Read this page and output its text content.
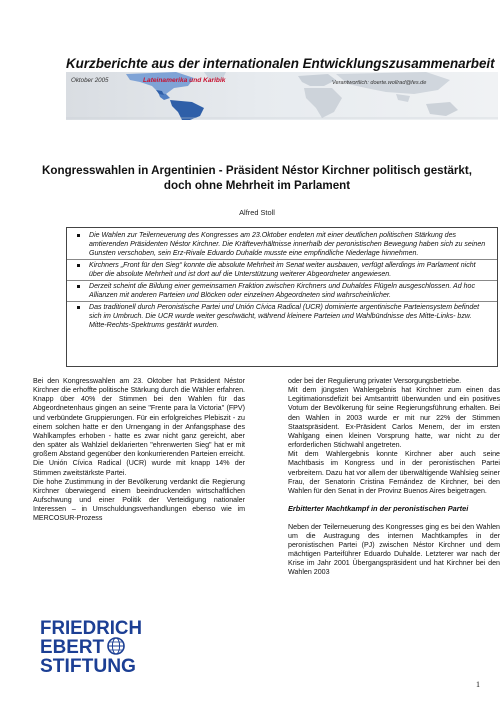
Kurzberichte aus der internationalen Entwicklungszusammenarbeit
Oktober 2005	Lateinamerika und Karibik	Verantwortlich: doerte.wollrad@fes.de
Kongresswahlen in Argentinien - Präsident Néstor Kirchner politisch gestärkt, doch ohne Mehrheit im Parlament
Alfred Stoll
Die Wahlen zur Teilerneuerung des Kongresses am 23.Oktober endeten mit einer deutlichen politischen Stärkung des amtierenden Präsidenten Néstor Kirchner. Die Kräfteverhältnisse innerhalb der peronistischen Bewegung haben sich zu seinen Gunsten verschoben, sein Erz-Rivale Eduardo Duhalde musste eine empfindliche Niederlage hinnehmen.
Kirchners „Front für den Sieg“ konnte die absolute Mehrheit im Senat weiter ausbauen, verfügt allerdings im Parlament nicht über die absolute Mehrheit und ist dort auf die Unterstützung weiterer Abgeordneter angewiesen.
Derzeit scheint die Bildung einer gemeinsamen Fraktion zwischen Kirchners und Duhaldes Flügeln ausgeschlossen. Ad hoc Allianzen mit anderen Parteien und Blöcken oder einzelnen Abgeordneten sind wahrscheinlicher.
Das traditionell durch Peronistische Partei und Unión Cívica Radical (UCR) dominierte argentinische Parteiensystem befindet sich im Umbruch. Die UCR wurde weiter geschwächt, während kleinere Parteien und Wahlbündnisse des Mitte-Links- bzw. Mitte-Rechts-Spektrums gestärkt wurden.

Bei den Kongresswahlen am 23. Oktober hat Präsident Néstor Kirchner die erhoffte politische Stärkung durch die Wähler erfahren. Knapp über 40% der Stimmen bei den Wahlen für das Abgeordnetenhaus gingen an seine "Frente para la Victoria" (FPV) und verbündete Gruppierungen. Für ein erfolgreiches Plebiszit - zu einem solchen hatte er den Urnengang in der Anfangsphase des Wahlkampfes erhoben - hatte es zwar nicht ganz gereicht, aber den später als Wahlziel deklarierten "ehrenwerten Sieg" hat er mit großem Abstand gegenüber den konkurrierenden Parteien erreicht. Die Unión Cívica Radical (UCR) wurde mit knapp 14% der Stimmen zweitstärkste Partei.

Die hohe Zustimmung in der Bevölkerung verdankt die Regierung Kirchner überwiegend einem beeindruckenden wirtschaftlichen Aufschwung und einer Politik der Verteidigung nationaler Interessen – in Umschuldungsverhandlungen ebenso wie im MERCOSUR-Prozess

oder bei der Regulierung privater Versorgungsbetriebe.

Mit dem jüngsten Wahlergebnis hat Kirchner zum einen das Legitimationsdefizit bei Amtsantritt überwunden und ein positives Votum der Bevölkerung für seine Regierungsführung erhalten. Bei den Wahlen in 2003 wurde er mit nur 22% der Stimmen Staatspräsident. Ex-Präsident Carlos Menem, der im ersten Wahlgang einen kleinen Vorsprung hatte, war nicht zu der erforderlichen Stichwahl angetreten.

Mit dem Wahlergebnis konnte Kirchner aber auch seine Machtbasis im Kongress und in der peronistischen Partei verbreitern. Dazu hat vor allem der überwältigende Wahlsieg seiner Frau, der Senatorin Cristina Fernández de Kirchner, bei den Wahlen für den Senat in der Provinz Buenos Aires beigetragen.

Erbitterter Machtkampf in der peronistischen Partei

Neben der Teilerneuerung des Kongresses ging es bei den Wahlen um die Austragung des internen Machtkampfes in der peronistischen Partei (PJ) zwischen Néstor Kirchner und dem mächtigen Parteiführer Eduardo Duhalde. Letzterer war nach der Krise im Jahr 2001 Übergangspräsident und hat Kirchner bei den Wahlen 2003

FRIEDRICH
EBERT
STIFTUNG
1
